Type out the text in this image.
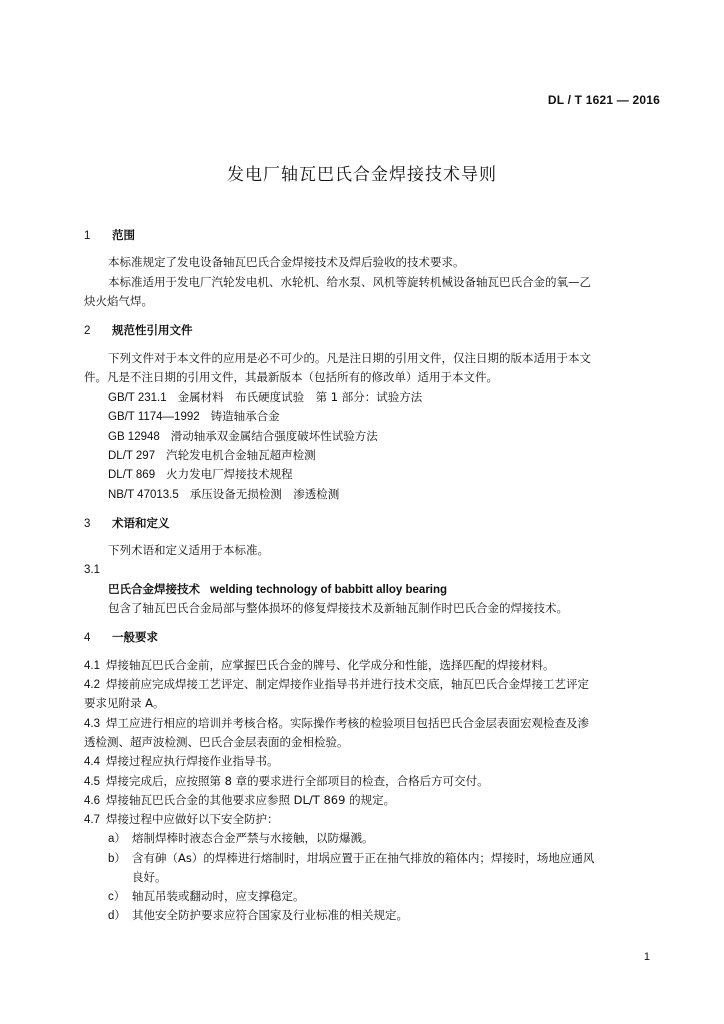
DL / T 1621 — 2016
发电厂轴瓦巴氏合金焊接技术导则
1 范围
本标准规定了发电设备轴瓦巴氏合金焊接技术及焊后验收的技术要求。
本标准适用于发电厂汽轮发电机、水轮机、给水泵、风机等旋转机械设备轴瓦巴氏合金的氧—乙
炔火焰气焊。
2 规范性引用文件
下列文件对于本文件的应用是必不可少的。凡是注日期的引用文件，仅注日期的版本适用于本文
件。凡是不注日期的引用文件，其最新版本（包括所有的修改单）适用于本文件。
GB/T 231.1 金属材料　布氏硬度试验　第 1 部分：试验方法
GB/T 1174—1992 铸造轴承合金
GB 12948 滑动轴承双金属结合强度破坏性试验方法
DL/T 297 汽轮发电机合金轴瓦超声检测
DL/T 869 火力发电厂焊接技术规程
NB/T 47013.5 承压设备无损检测　渗透检测
3 术语和定义
下列术语和定义适用于本标准。
3.1
巴氏合金焊接技术 welding technology of babbitt alloy bearing
包含了轴瓦巴氏合金局部与整体损坏的修复焊接技术及新轴瓦制作时巴氏合金的焊接技术。
4 一般要求
4.1 焊接轴瓦巴氏合金前，应掌握巴氏合金的牌号、化学成分和性能，选择匹配的焊接材料。
4.2 焊接前应完成焊接工艺评定、制定焊接作业指导书并进行技术交底，轴瓦巴氏合金焊接工艺评定
要求见附录 A。
4.3 焊工应进行相应的培训并考核合格。实际操作考核的检验项目包括巴氏合金层表面宏观检查及渗
透检测、超声波检测、巴氏合金层表面的金相检验。
4.4 焊接过程应执行焊接作业指导书。
4.5 焊接完成后，应按照第 8 章的要求进行全部项目的检查，合格后方可交付。
4.6 焊接轴瓦巴氏合金的其他要求应参照 DL/T 869 的规定。
4.7 焊接过程中应做好以下安全防护：
a） 熔制焊棒时液态合金严禁与水接触，以防爆溅。
b） 含有砷（As）的焊棒进行熔制时，坩埚应置于正在抽气排放的箱体内；焊接时，场地应通风
良好。
c） 轴瓦吊装或翻动时，应支撑稳定。
d） 其他安全防护要求应符合国家及行业标准的相关规定。
1
